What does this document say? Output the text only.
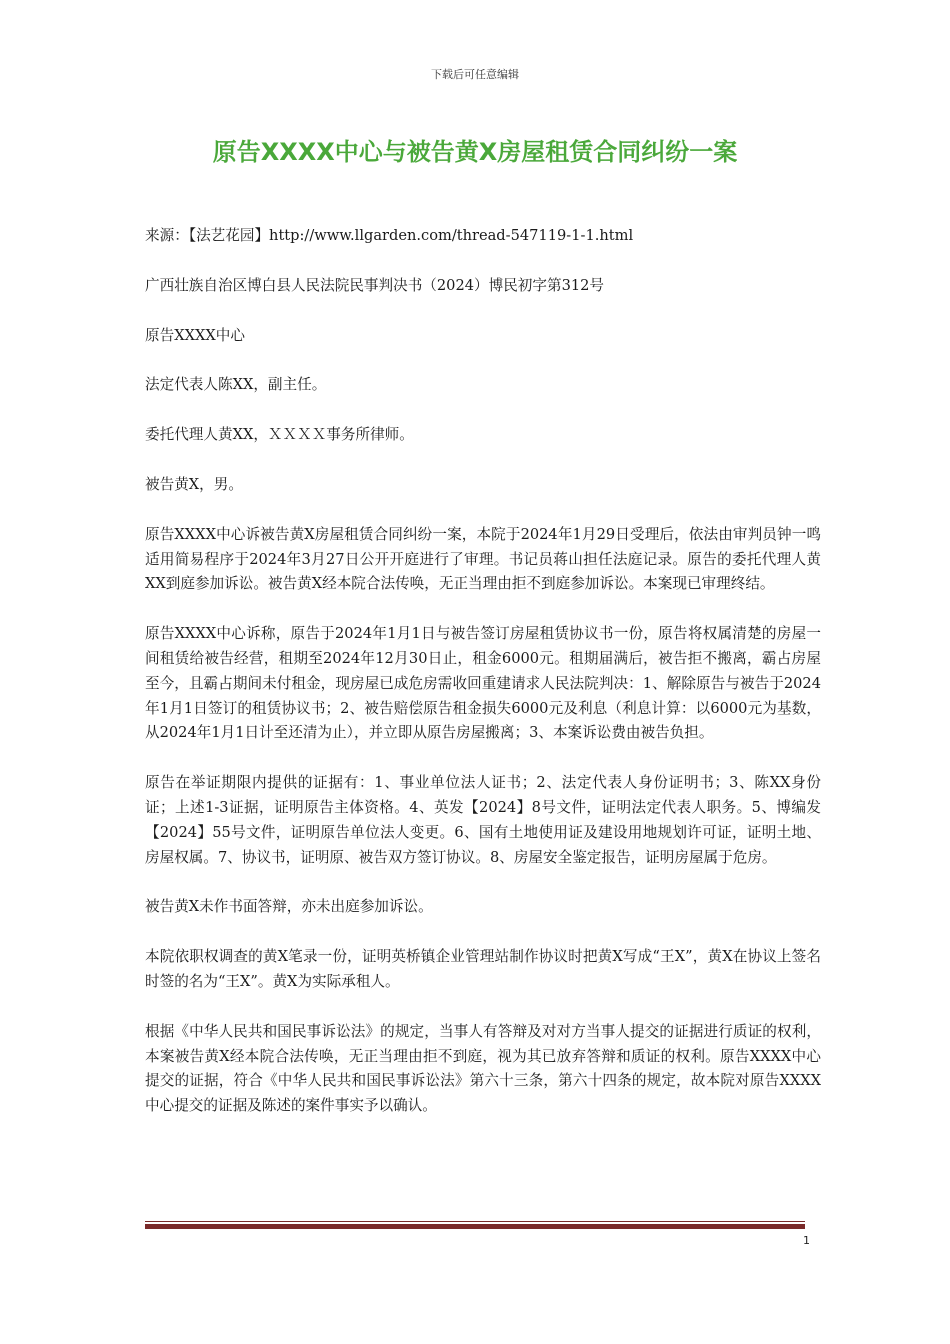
下载后可任意编辑
原告XXXX中心与被告黄X房屋租赁合同纠纷一案

来源：【法艺花园】http://www.llgarden.com/thread-547119-1-1.html

广西壮族自治区博白县人民法院民事判决书（2024）博民初字第312号

原告XXXX中心

法定代表人陈XX，副主任。

委托代理人黄XX，ＸＸＸＸ事务所律师。

被告黄X，男。

原告XXXX中心诉被告黄X房屋租赁合同纠纷一案，本院于2024年1月29日受理后，依法由审判员钟一鸣适用简易程序于2024年3月27日公开开庭进行了审理。书记员蒋山担任法庭记录。原告的委托代理人黄XX到庭参加诉讼。被告黄X经本院合法传唤，无正当理由拒不到庭参加诉讼。本案现已审理终结。

原告XXXX中心诉称，原告于2024年1月1日与被告签订房屋租赁协议书一份，原告将权属清楚的房屋一间租赁给被告经营，租期至2024年12月30日止，租金6000元。租期届满后，被告拒不搬离，霸占房屋至今，且霸占期间未付租金，现房屋已成危房需收回重建请求人民法院判决：1、解除原告与被告于2024年1月1日签订的租赁协议书；2、被告赔偿原告租金损失6000元及利息（利息计算：以6000元为基数，从2024年1月1日计至还清为止），并立即从原告房屋搬离；3、本案诉讼费由被告负担。

原告在举证期限内提供的证据有：1、事业单位法人证书；2、法定代表人身份证明书；3、陈XX身份证；上述1-3证据，证明原告主体资格。4、英发【2024】8号文件，证明法定代表人职务。5、博编发【2024】55号文件，证明原告单位法人变更。6、国有土地使用证及建设用地规划许可证，证明土地、房屋权属。7、协议书，证明原、被告双方签订协议。8、房屋安全鉴定报告，证明房屋属于危房。

被告黄X未作书面答辩，亦未出庭参加诉讼。

本院依职权调查的黄X笔录一份，证明英桥镇企业管理站制作协议时把黄X写成“王X”，黄X在协议上签名时签的名为“王X”。黄X为实际承租人。

根据《中华人民共和国民事诉讼法》的规定，当事人有答辩及对对方当事人提交的证据进行质证的权利，本案被告黄X经本院合法传唤，无正当理由拒不到庭，视为其已放弃答辩和质证的权利。原告XXXX中心提交的证据，符合《中华人民共和国民事诉讼法》第六十三条，第六十四条的规定，故本院对原告XXXX中心提交的证据及陈述的案件事实予以确认。

1
